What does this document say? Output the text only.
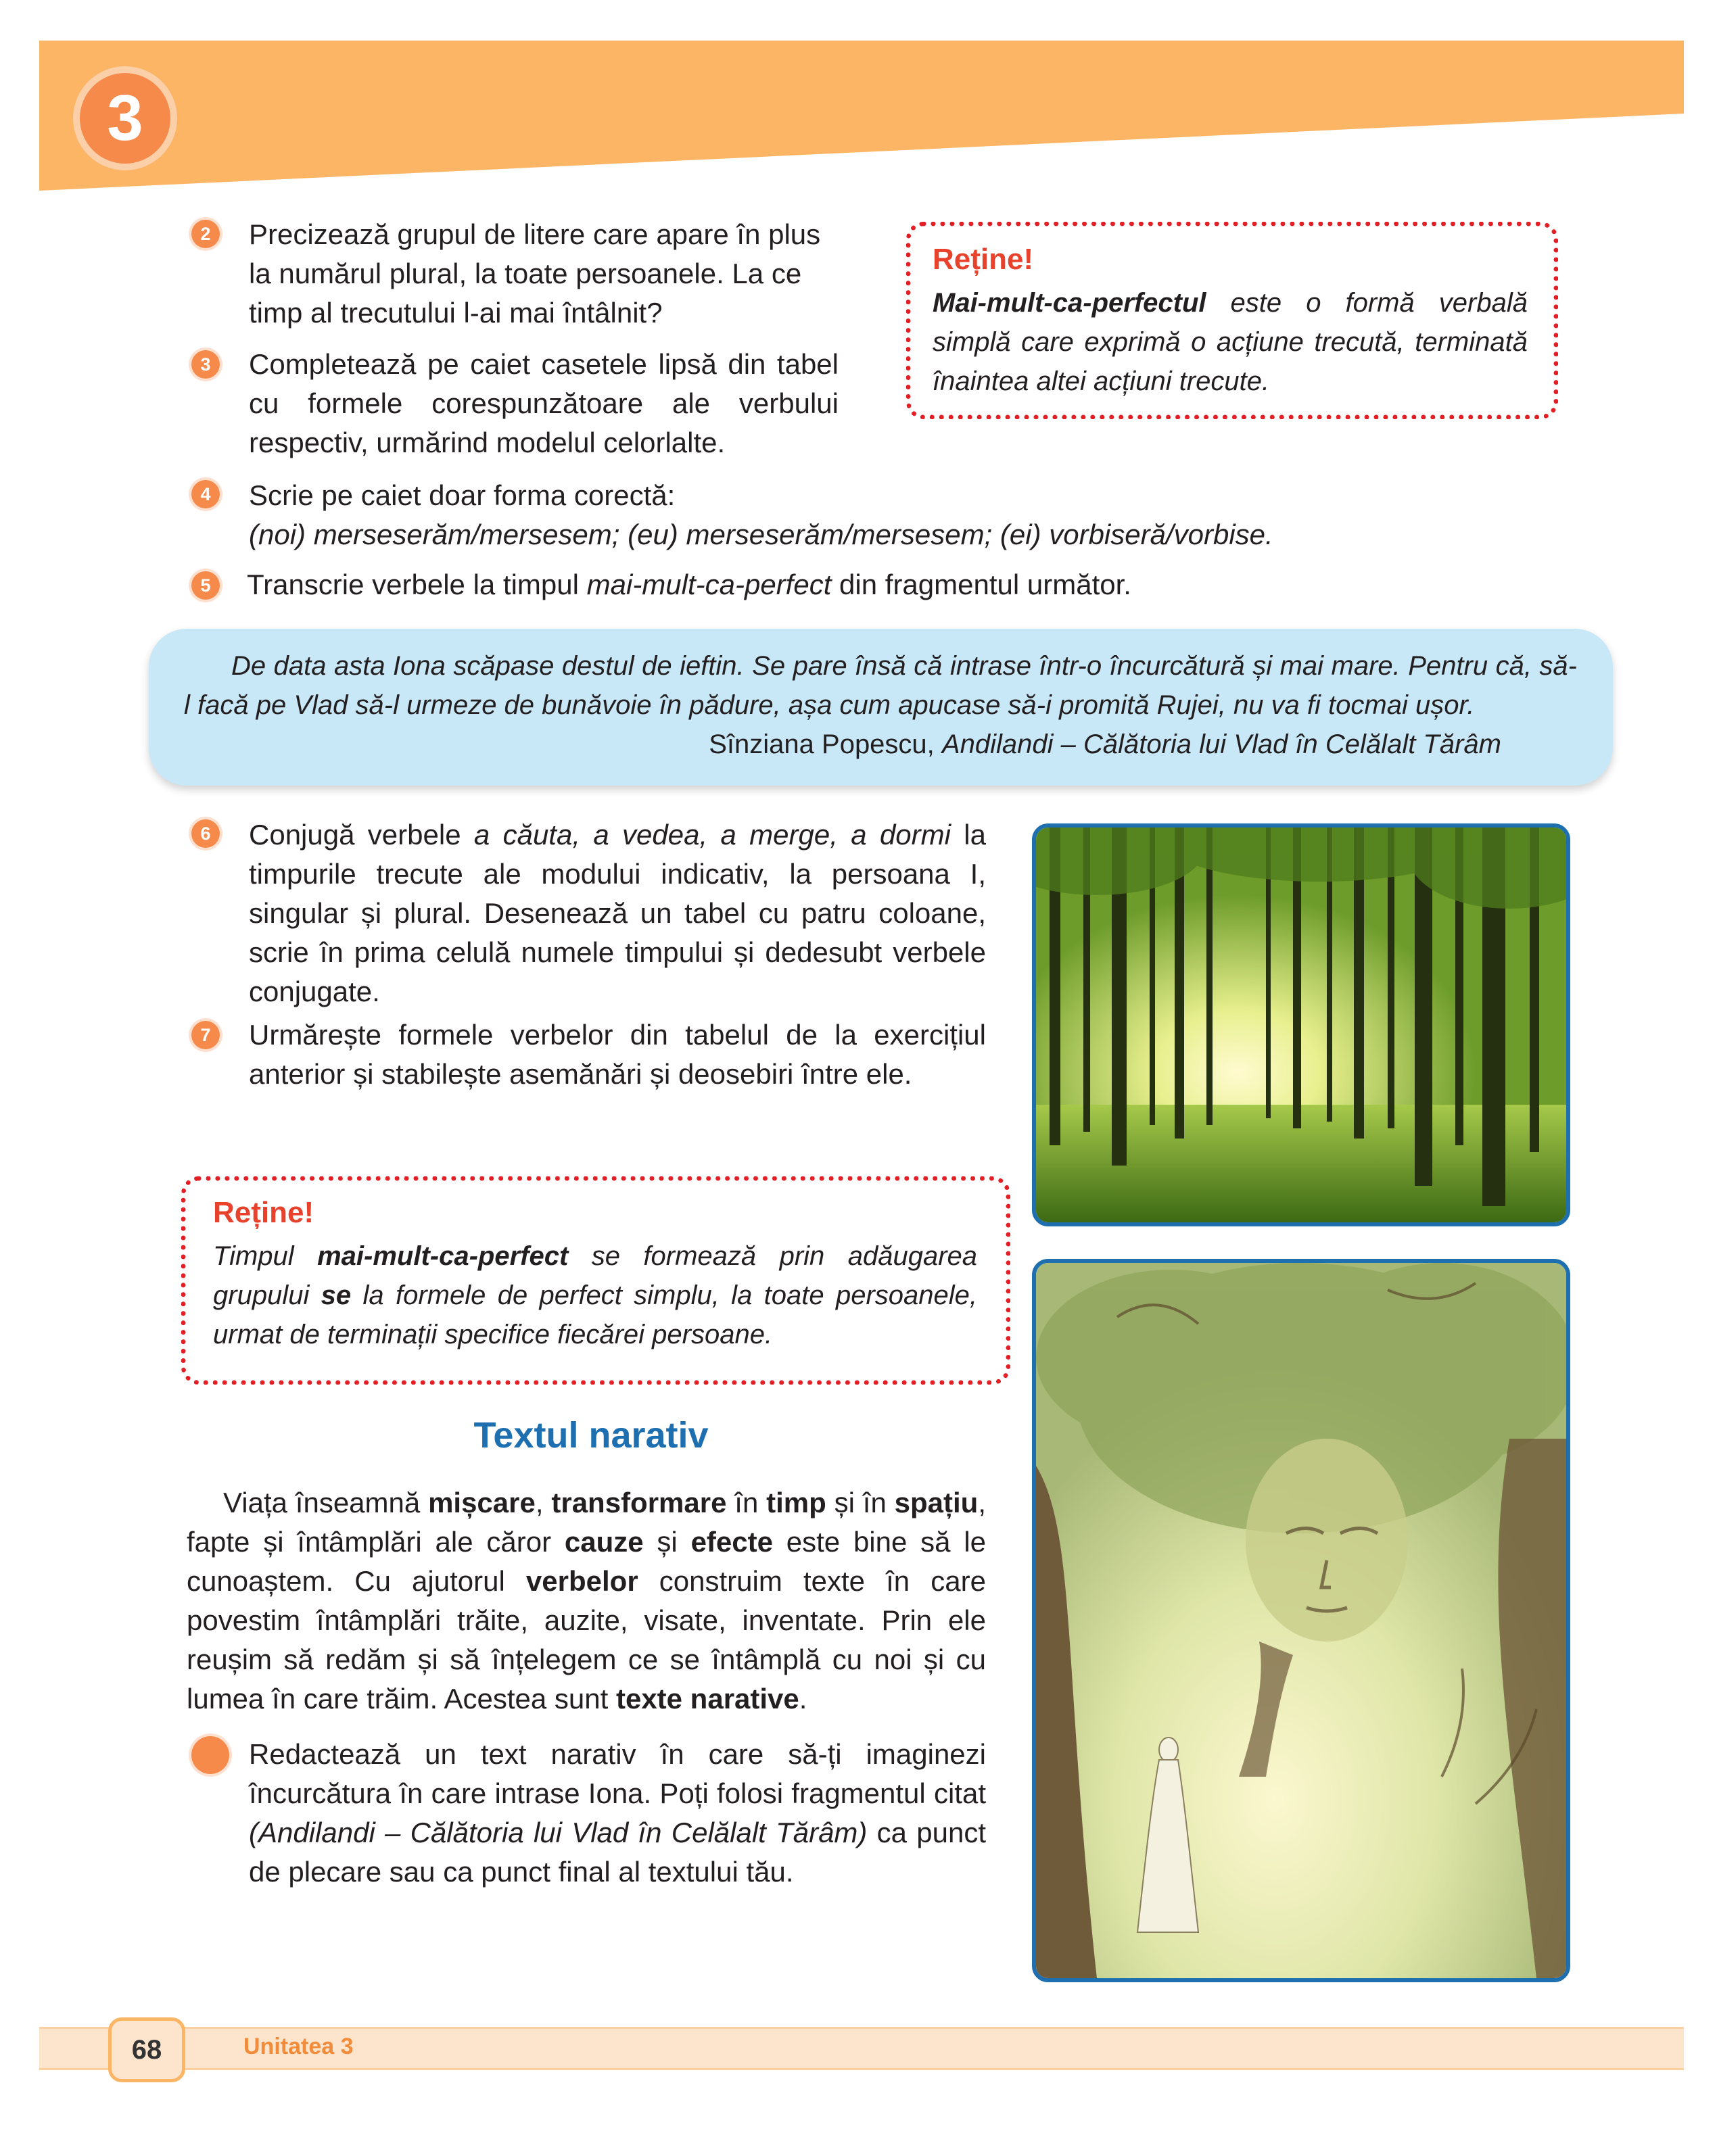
3
2	Precizează grupul de litere care apare în plus la numărul plural, la toate persoanele. La ce timp al trecutului l-ai mai întâlnit?
3	Completează pe caiet casetele lipsă din tabel cu formele corespunzătoare ale verbului respectiv, urmărind modelul celorlalte.
Reține!
Mai-mult-ca-perfectul este o formă verbală simplă care exprimă o acțiune trecută, terminată înaintea altei acțiuni trecute.
4	Scrie pe caiet doar forma corectă:
(noi) merseserăm/mersesem; (eu) merseserăm/mersesem; (ei) vorbiseră/vorbise.
5	Transcrie verbele la timpul mai-mult-ca-perfect din fragmentul următor.
De data asta Iona scăpase destul de ieftin. Se pare însă că intrase într-o încurcătură și mai mare. Pentru că, să-l facă pe Vlad să-l urmeze de bunăvoie în pădure, așa cum apucase să-i promită Rujei, nu va fi tocmai ușor.
Sînziana Popescu, Andilandi – Călătoria lui Vlad în Celălalt Tărâm
6	Conjugă verbele a căuta, a vedea, a merge, a dormi la timpurile trecute ale modului indicativ, la persoana I, singular și plural. Desenează un tabel cu patru coloane, scrie în prima celulă numele timpului și dedesubt verbele conjugate.
7	Urmărește formele verbelor din tabelul de la exercițiul anterior și stabilește asemănări și deosebiri între ele.
Reține!
Timpul mai-mult-ca-perfect se formează prin adăugarea grupului se la formele de perfect simplu, la toate persoanele, urmat de terminații specifice fiecărei persoane.
Textul narativ
Viața înseamnă mișcare, transformare în timp și în spațiu, fapte și întâmplări ale căror cauze și efecte este bine să le cunoaștem. Cu ajutorul verbelor construim texte în care povestim întâmplări trăite, auzite, visate, inventate. Prin ele reușim să redăm și să înțelegem ce se întâmplă cu noi și cu lumea în care trăim. Acestea sunt texte narative.
Redactează un text narativ în care să-ți imaginezi încurcătura în care intrase Iona. Poți folosi fragmentul citat (Andilandi – Călătoria lui Vlad în Celălalt Tărâm) ca punct de plecare sau ca punct final al textului tău.
68	Unitatea 3
